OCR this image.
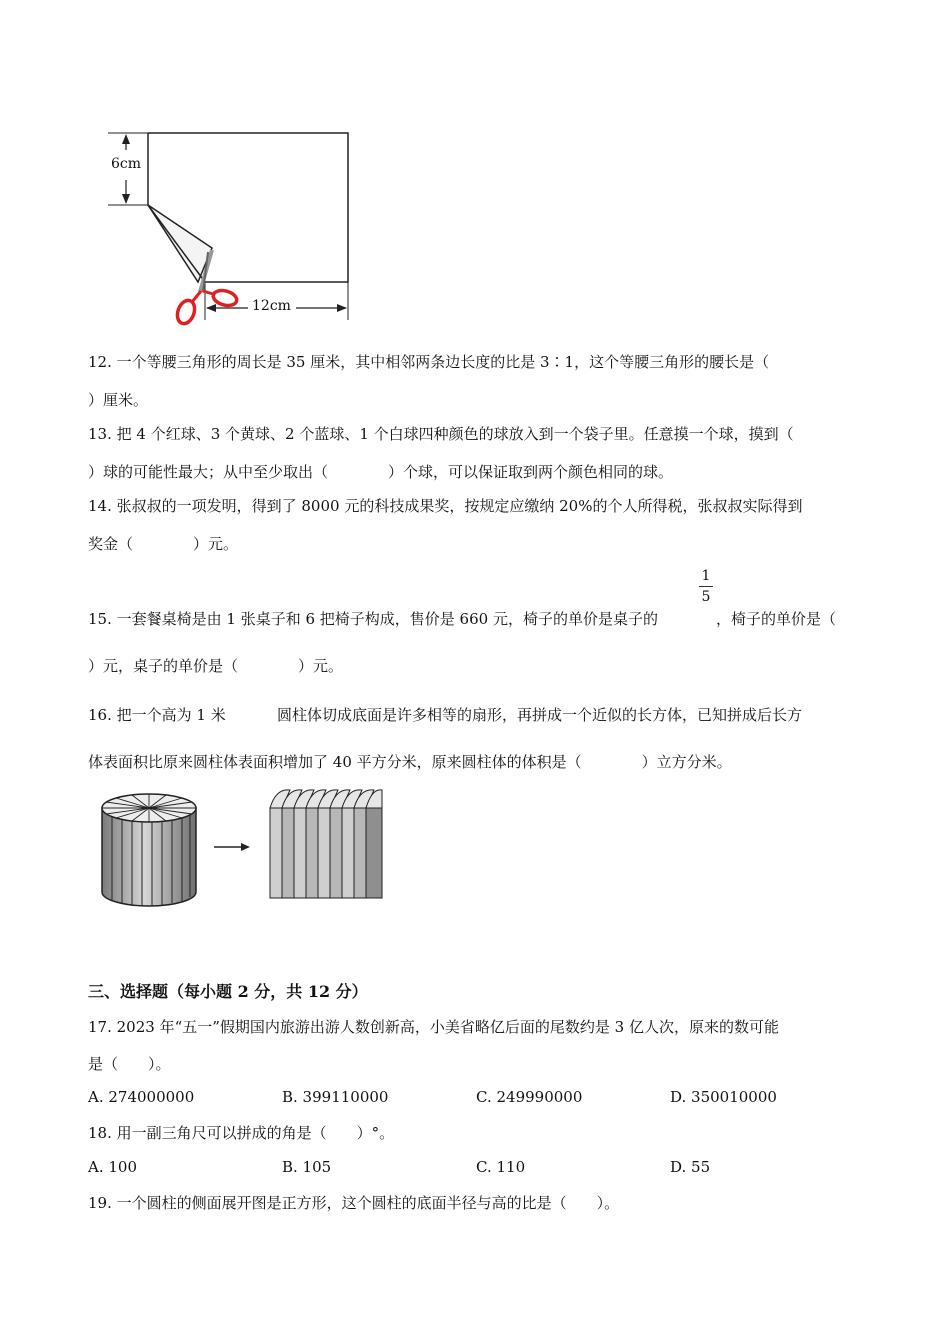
6cm
12cm
12. 一个等腰三角形的周长是 35 厘米，其中相邻两条边长度的比是 3∶1，这个等腰三角形的腰长是（
）厘米。
13. 把 4 个红球、3 个黄球、2 个蓝球、1 个白球四种颜色的球放入到一个袋子里。任意摸一个球，摸到（
）球的可能性最大；从中至少取出（　　　　）个球，可以保证取到两个颜色相同的球。
14. 张叔叔的一项发明，得到了 8000 元的科技成果奖，按规定应缴纳 20%的个人所得税，张叔叔实际得到
奖金（　　　　）元。
15. 一套餐桌椅是由 1 张桌子和 6 把椅子构成，售价是 660 元，椅子的单价是桌子的
1
5
，椅子的单价是（
）元，桌子的单价是（　　　　）元。
16. 把一个高为 1 米	圆柱体切成底面是许多相等的扇形，再拼成一个近似的长方体，已知拼成后长方
体表面积比原来圆柱体表面积增加了 40 平方分米，原来圆柱体的体积是（　　　　）立方分米。
三、选择题（每小题 2 分，共 12 分）
17. 2023 年“五一”假期国内旅游出游人数创新高，小美省略亿后面的尾数约是 3 亿人次，原来的数可能
是（　　）。
A. 274000000	B. 399110000	C. 249990000	D. 350010000
18. 用一副三角尺可以拼成的角是（　　）°。
A. 100	B. 105	C. 110	D. 55
19. 一个圆柱的侧面展开图是正方形，这个圆柱的底面半径与高的比是（　　）。
